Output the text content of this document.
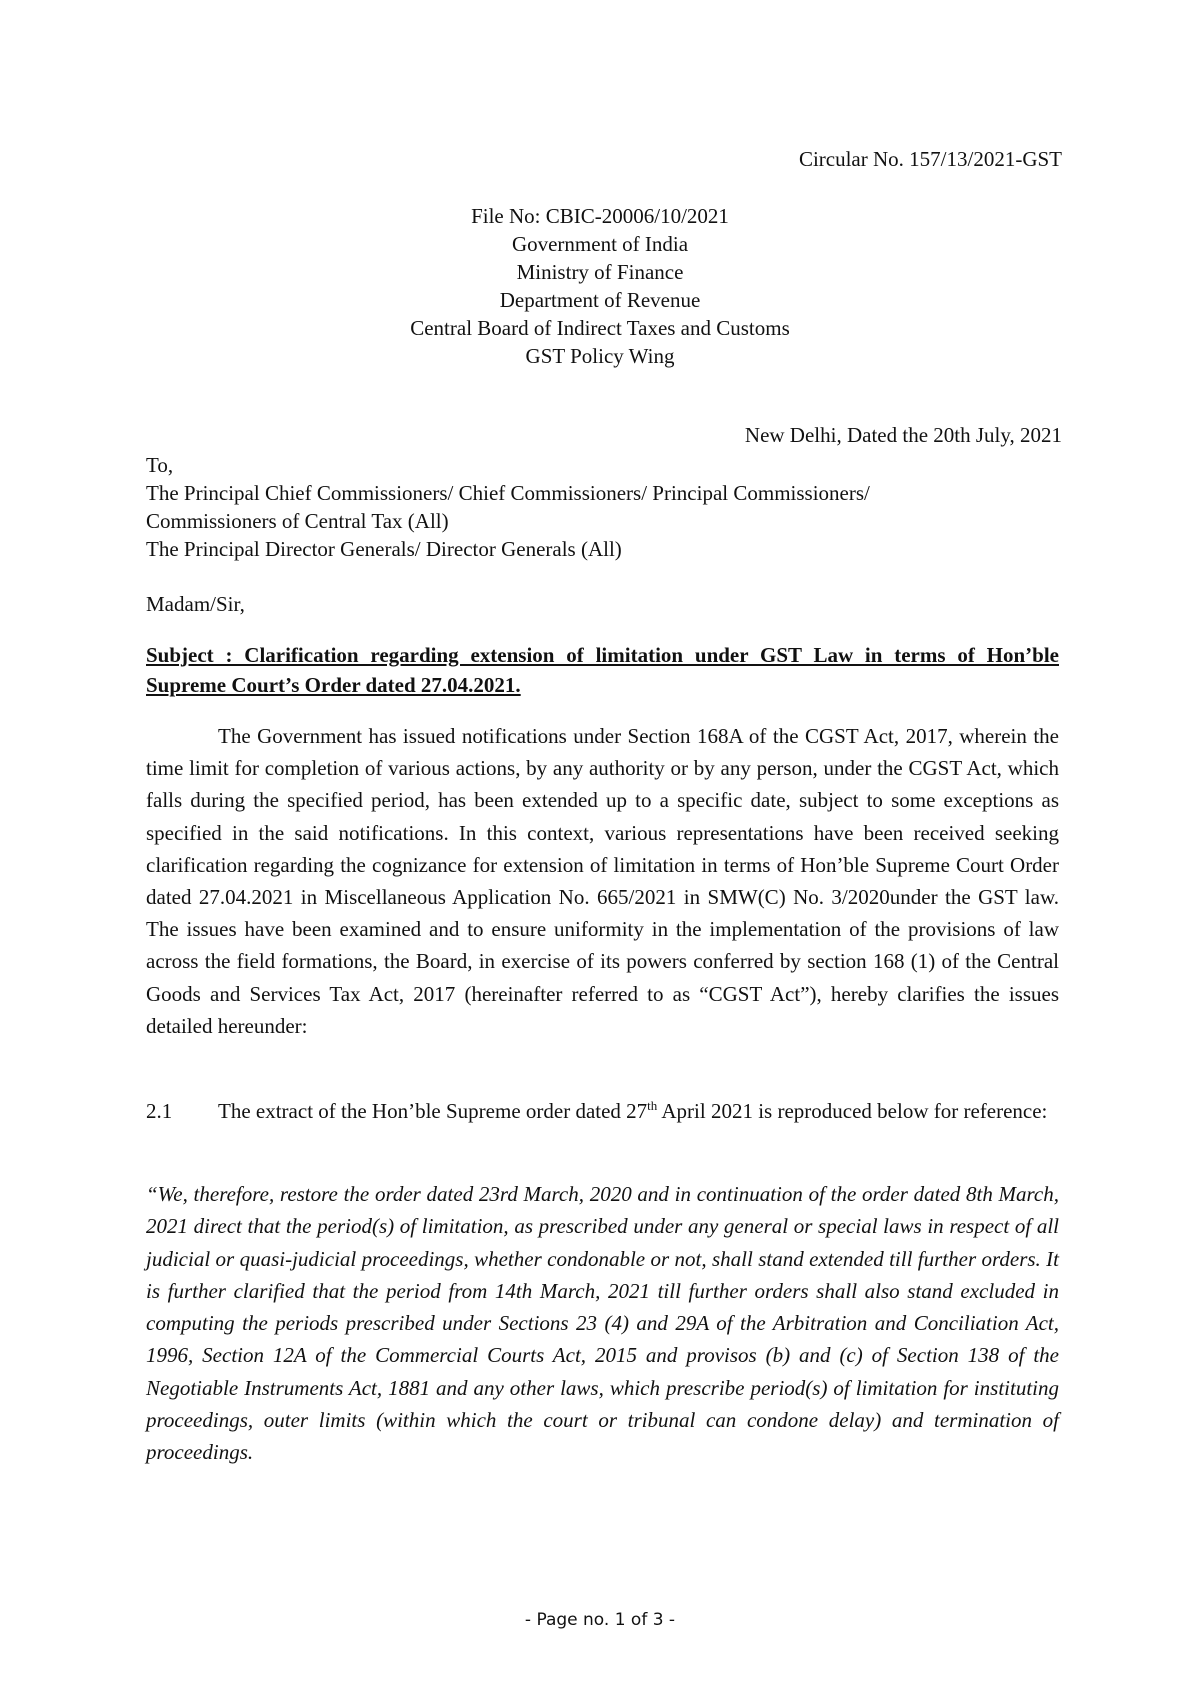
Circular No. 157/13/2021-GST
File No: CBIC-20006/10/2021
Government of India
Ministry of Finance
Department of Revenue
Central Board of Indirect Taxes and Customs
GST Policy Wing
New Delhi, Dated the 20th July, 2021
To,
The Principal Chief Commissioners/ Chief Commissioners/ Principal Commissioners/
Commissioners of Central Tax (All)
The Principal Director Generals/ Director Generals (All)
Madam/Sir,
Subject : Clarification regarding extension of limitation under GST Law in terms of Hon’ble Supreme Court’s Order dated 27.04.2021.
The Government has issued notifications under Section 168A of the CGST Act, 2017, wherein the time limit for completion of various actions, by any authority or by any person, under the CGST Act, which falls during the specified period, has been extended up to a specific date, subject to some exceptions as specified in the said notifications. In this context, various representations have been received seeking clarification regarding the cognizance for extension of limitation in terms of Hon’ble Supreme Court Order dated 27.04.2021 in Miscellaneous Application No. 665/2021 in SMW(C) No. 3/2020under the GST law. The issues have been examined and to ensure uniformity in the implementation of the provisions of law across the field formations, the Board, in exercise of its powers conferred by section 168 (1) of the Central Goods and Services Tax Act, 2017 (hereinafter referred to as “CGST Act”), hereby clarifies the issues detailed hereunder:
2.1 The extract of the Hon’ble Supreme order dated 27th April 2021 is reproduced below for reference:
“We, therefore, restore the order dated 23rd March, 2020 and in continuation of the order dated 8th March, 2021 direct that the period(s) of limitation, as prescribed under any general or special laws in respect of all judicial or quasi-judicial proceedings, whether condonable or not, shall stand extended till further orders. It is further clarified that the period from 14th March, 2021 till further orders shall also stand excluded in computing the periods prescribed under Sections 23 (4) and 29A of the Arbitration and Conciliation Act, 1996, Section 12A of the Commercial Courts Act, 2015 and provisos (b) and (c) of Section 138 of the Negotiable Instruments Act, 1881 and any other laws, which prescribe period(s) of limitation for instituting proceedings, outer limits (within which the court or tribunal can condone delay) and termination of proceedings.
- Page no. 1 of 3 -
